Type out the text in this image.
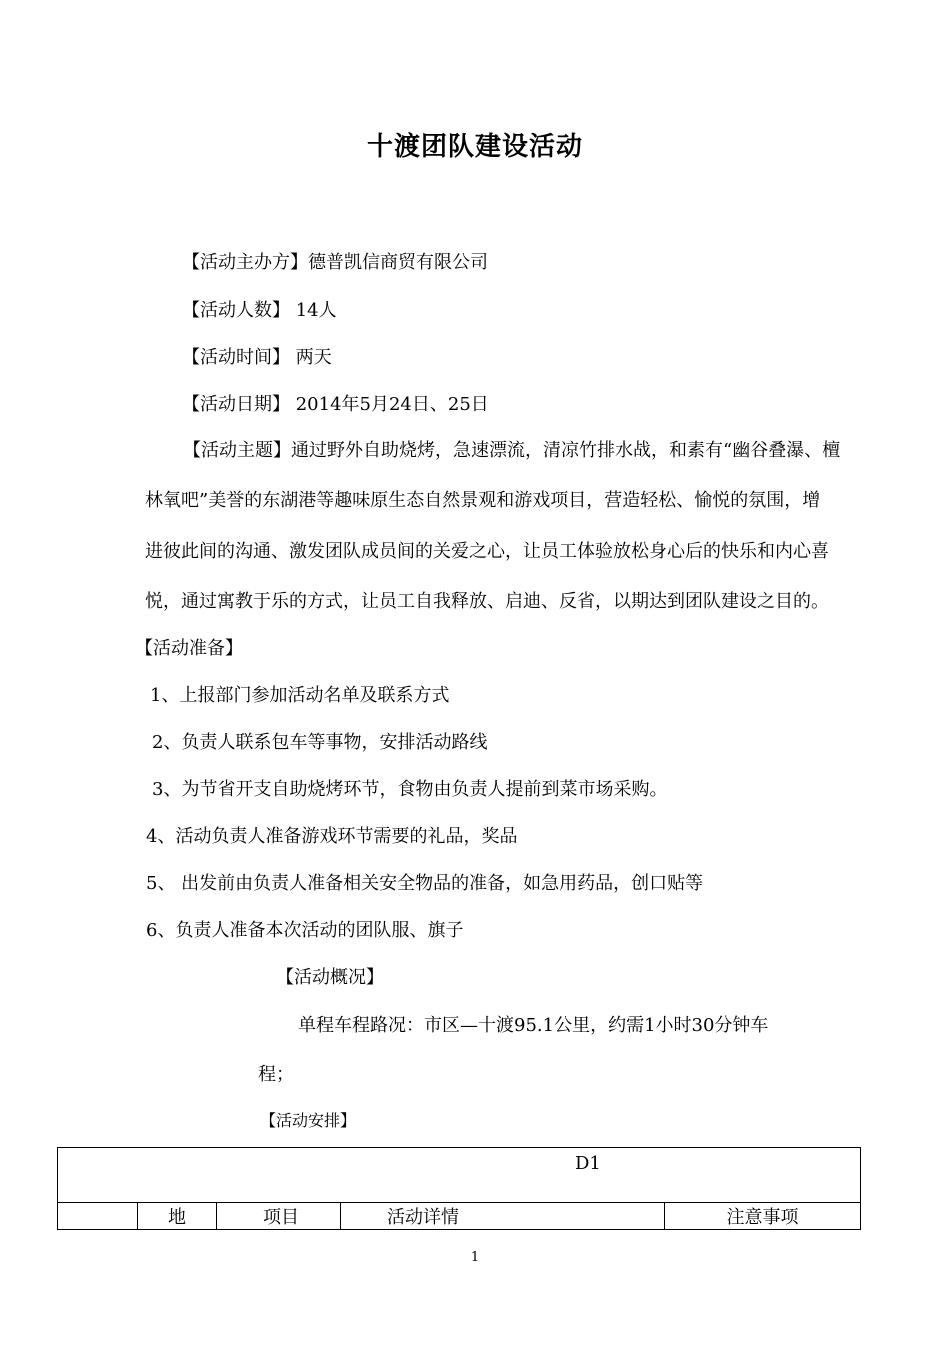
十渡团队建设活动
【活动主办方】德普凯信商贸有限公司
【活动人数】 14人
【活动时间】 两天
【活动日期】 2014年5月24日、25日
【活动主题】通过野外自助烧烤，急速漂流，清凉竹排水战，和素有“幽谷叠瀑、檀
林氧吧”美誉的东湖港等趣味原生态自然景观和游戏项目，营造轻松、愉悦的氛围，增
进彼此间的沟通、激发团队成员间的关爱之心，让员工体验放松身心后的快乐和内心喜
悦，通过寓教于乐的方式，让员工自我释放、启迪、反省，以期达到团队建设之目的。
【活动准备】
1、上报部门参加活动名单及联系方式
2、负责人联系包车等事物，安排活动路线
3、为节省开支自助烧烤环节，食物由负责人提前到菜市场采购。
4、活动负责人准备游戏环节需要的礼品，奖品
5、 出发前由负责人准备相关安全物品的准备，如急用药品，创口贴等
6、负责人准备本次活动的团队服、旗子
【活动概况】
单程车程路况：市区—十渡95.1公里，约需1小时30分钟车
程；
【活动安排】
D1
	地	项目	活动详情	注意事项
1
